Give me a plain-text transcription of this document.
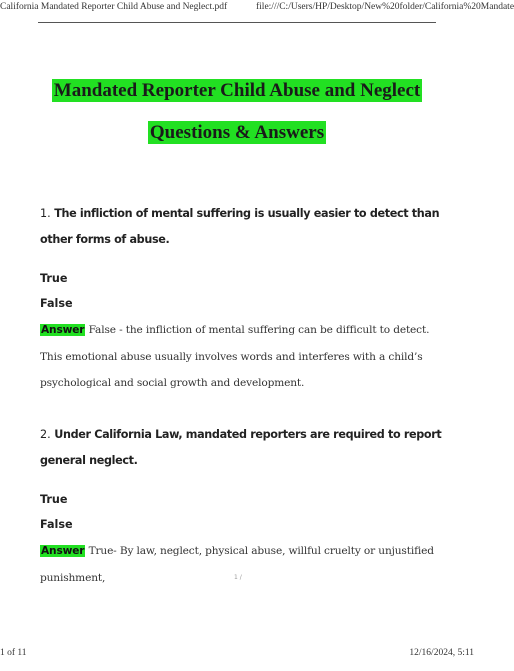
California Mandated Reporter Child Abuse and Neglect.pdf	file:///C:/Users/HP/Desktop/New%20folder/California%20Mandate
Mandated Reporter Child Abuse and Neglect
Questions & Answers
1. The infliction of mental suffering is usually easier to detect than other forms of abuse.
True
False
Answer False - the infliction of mental suffering can be difficult to detect. This emotional abuse usually involves words and interferes with a child’s psychological and social growth and development.
2. Under California Law, mandated reporters are required to report general neglect.
True
False
Answer True- By law, neglect, physical abuse, willful cruelty or unjustified punishment,	1 /
1 of 11	12/16/2024, 5:11
